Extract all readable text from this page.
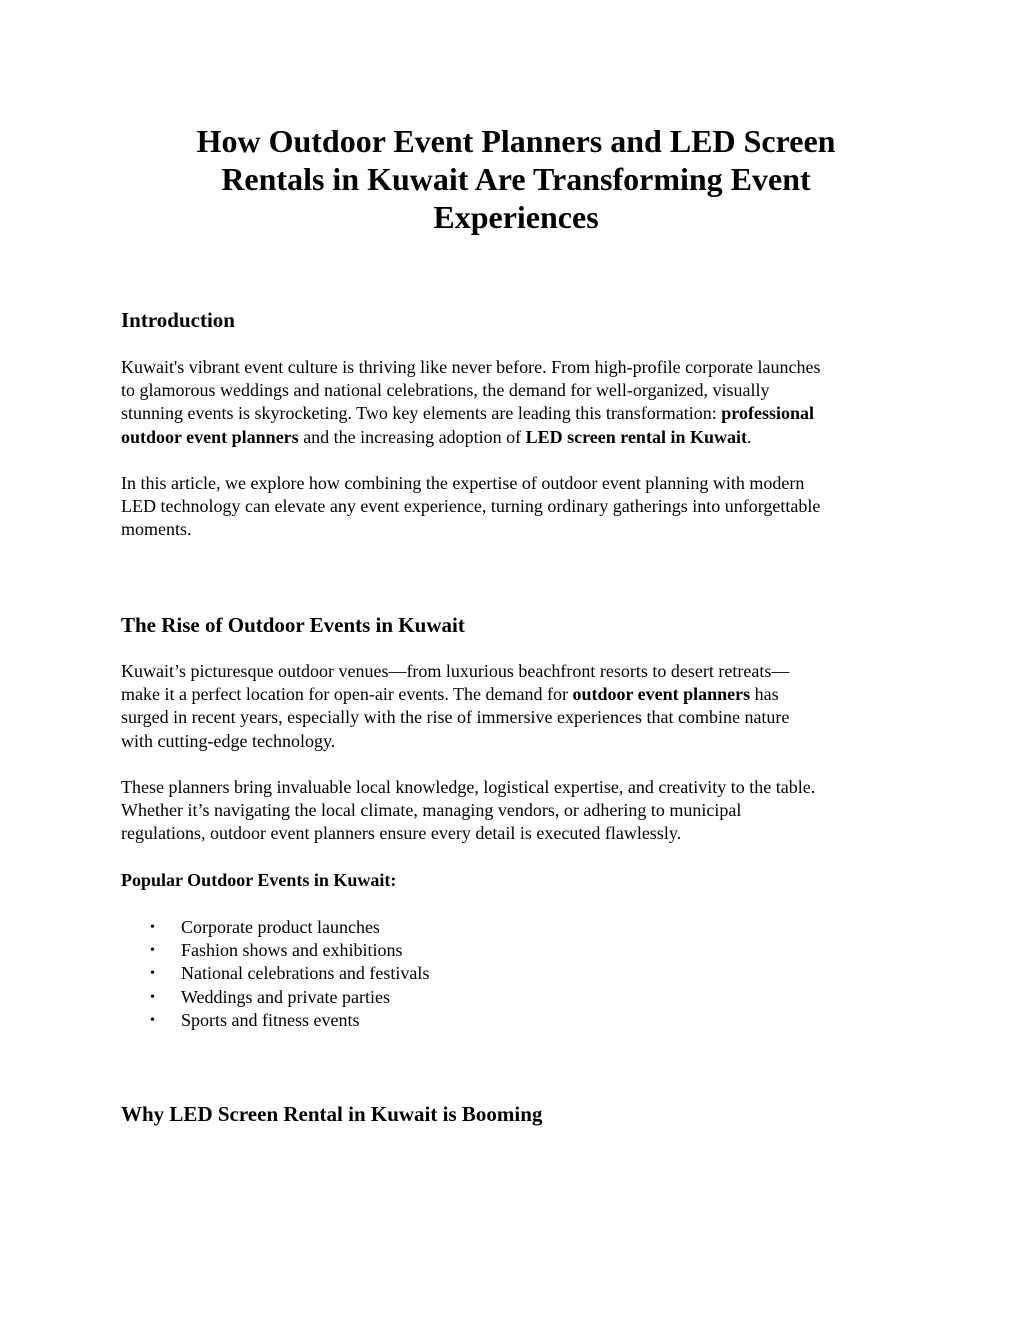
How Outdoor Event Planners and LED Screen
Rentals in Kuwait Are Transforming Event
Experiences
Introduction

Kuwait's vibrant event culture is thriving like never before. From high-profile corporate launches
to glamorous weddings and national celebrations, the demand for well-organized, visually
stunning events is skyrocketing. Two key elements are leading this transformation: professional
outdoor event planners and the increasing adoption of LED screen rental in Kuwait.

In this article, we explore how combining the expertise of outdoor event planning with modern
LED technology can elevate any event experience, turning ordinary gatherings into unforgettable
moments.

The Rise of Outdoor Events in Kuwait

Kuwait’s picturesque outdoor venues—from luxurious beachfront resorts to desert retreats—
make it a perfect location for open-air events. The demand for outdoor event planners has
surged in recent years, especially with the rise of immersive experiences that combine nature
with cutting-edge technology.

These planners bring invaluable local knowledge, logistical expertise, and creativity to the table.
Whether it’s navigating the local climate, managing vendors, or adhering to municipal
regulations, outdoor event planners ensure every detail is executed flawlessly.

Popular Outdoor Events in Kuwait:
• Corporate product launches
• Fashion shows and exhibitions
• National celebrations and festivals
• Weddings and private parties
• Sports and fitness events
Why LED Screen Rental in Kuwait is Booming
